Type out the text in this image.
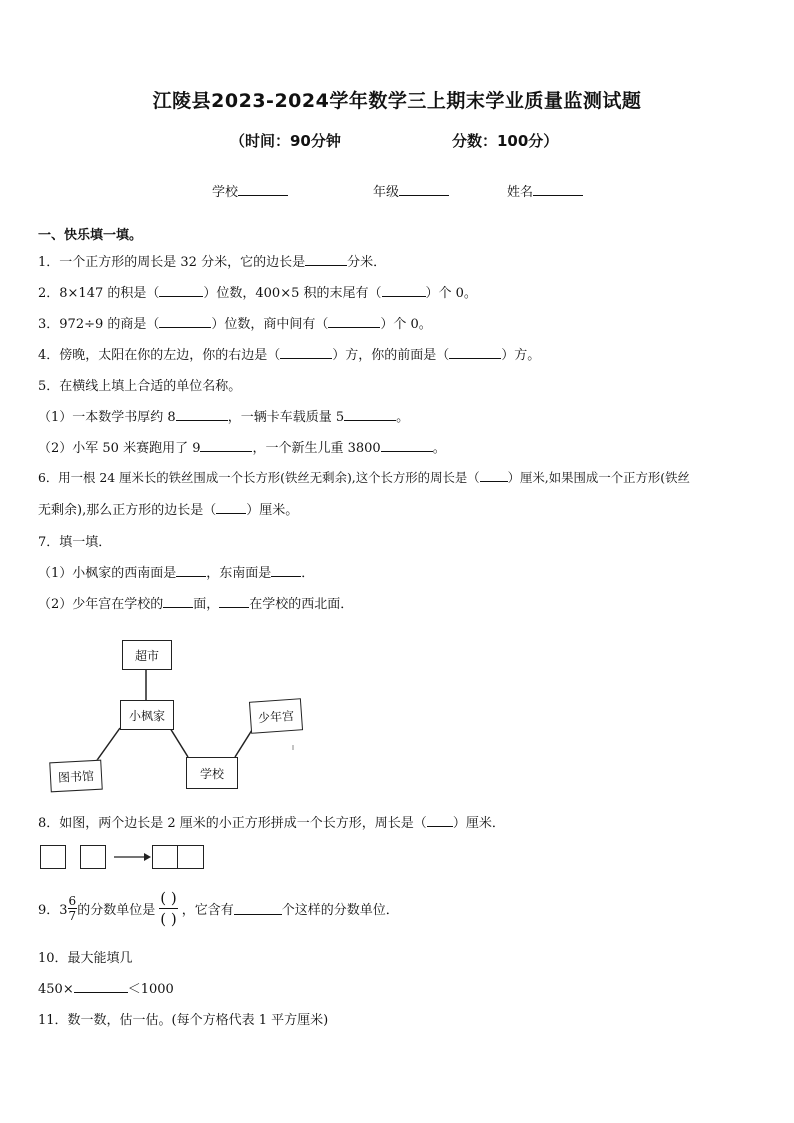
江陵县2023-2024学年数学三上期末学业质量监测试题
（时间：90分钟	分数：100分）
学校	年级	姓名
一、快乐填一填。
1．一个正方形的周长是 32 分米，它的边长是	分米．
2．8×147 的积是（	）位数，400×5 积的末尾有（	）个 0。
3．972÷9 的商是（	）位数，商中间有（	）个 0。
4．傍晚，太阳在你的左边，你的右边是（	）方，你的前面是（	）方。
5．在横线上填上合适的单位名称。
（1）一本数学书厚约 8	，一辆卡车载质量 5	。
（2）小军 50 米赛跑用了 9	，一个新生儿重 3800	。
6．用一根 24 厘米长的铁丝围成一个长方形(铁丝无剩余),这个长方形的周长是（ ）厘米,如果围成一个正方形(铁丝
无剩余),那么正方形的边长是（ ）厘米。
7．填一填．
（1）小枫家的西南面是 ，东南面是 ．
（2）少年宫在学校的 面， 在学校的西北面．
超市
小枫家	少年宫
图书馆	学校
8．如图，两个边长是 2 厘米的小正方形拼成一个长方形，周长是（ ）厘米．
9．$3 \frac{6}{7}$ 的分数单位是 $\frac{( )}{( )}$ ，它含有	个这样的分数单位．
10．最大能填几
450×	＜1000
11．数一数，估一估。(每个方格代表 1 平方厘米)
